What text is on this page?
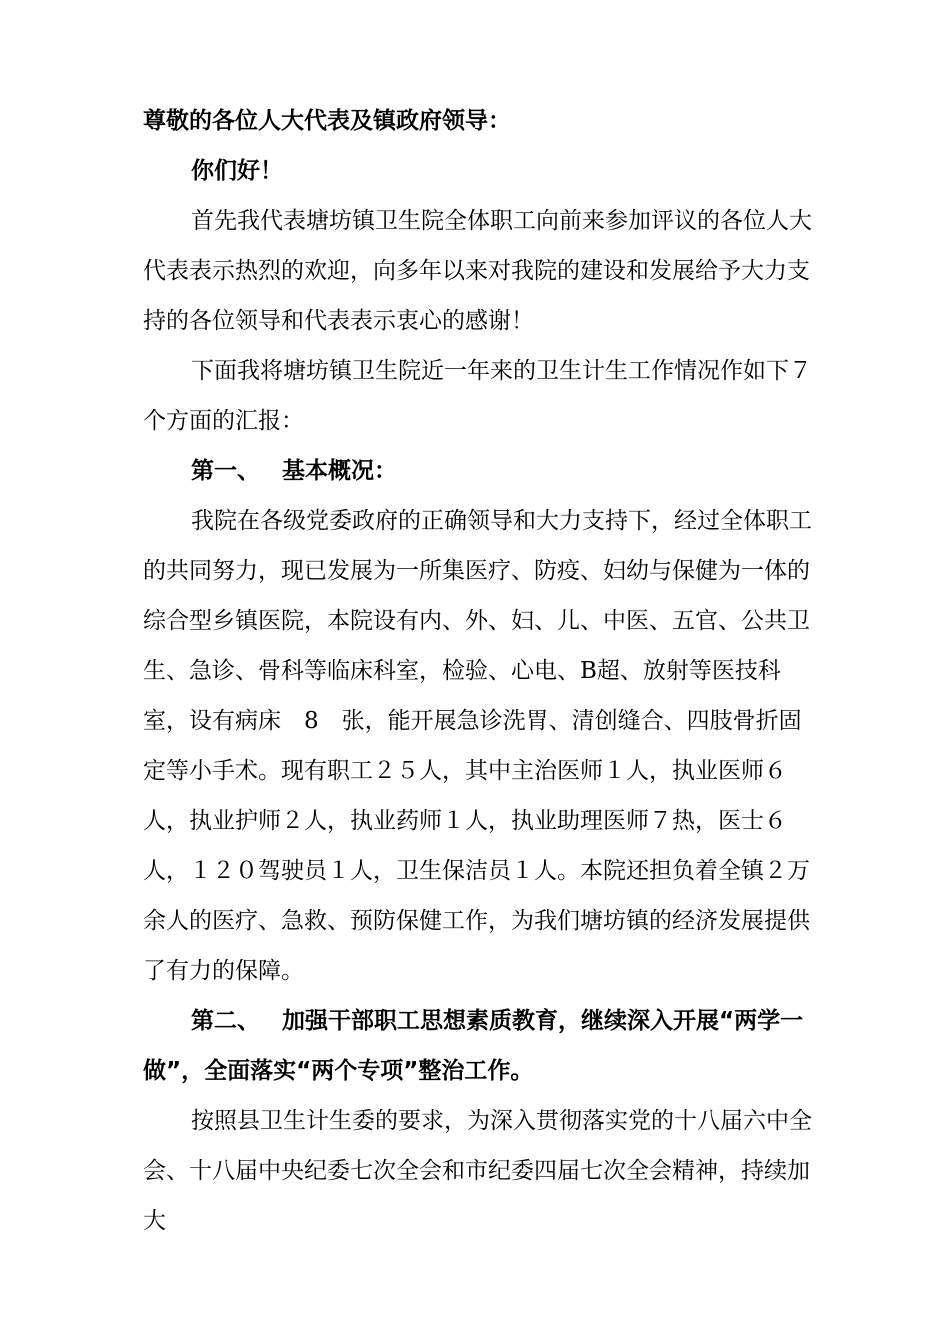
尊敬的各位人大代表及镇政府领导：

你们好！

首先我代表塘坊镇卫生院全体职工向前来参加评议的各位人大代表表示热烈的欢迎，向多年以来对我院的建设和发展给予大力支持的各位领导和代表表示衷心的感谢！

下面我将塘坊镇卫生院近一年来的卫生计生工作情况作如下７个方面的汇报：

第一、 基本概况：

我院在各级党委政府的正确领导和大力支持下，经过全体职工的共同努力，现已发展为一所集医疗、防疫、妇幼与保健为一体的综合型乡镇医院，本院设有内、外、妇、儿、中医、五官、公共卫生、急诊、骨科等临床科室，检验、心电、B超、放射等医技科室，设有病床　8　张，能开展急诊洗胃、清创缝合、四肢骨折固定等小手术。现有职工２５人，其中主治医师１人，执业医师６人，执业护师２人，执业药师１人，执业助理医师７热，医士６人，１２０驾驶员１人，卫生保洁员１人。本院还担负着全镇２万余人的医疗、急救、预防保健工作，为我们塘坊镇的经济发展提供了有力的保障。

第二、 加强干部职工思想素质教育，继续深入开展“两学一做”，全面落实“两个专项”整治工作。

按照县卫生计生委的要求，为深入贯彻落实党的十八届六中全会、十八届中央纪委七次全会和市纪委四届七次全会精神，持续加大
